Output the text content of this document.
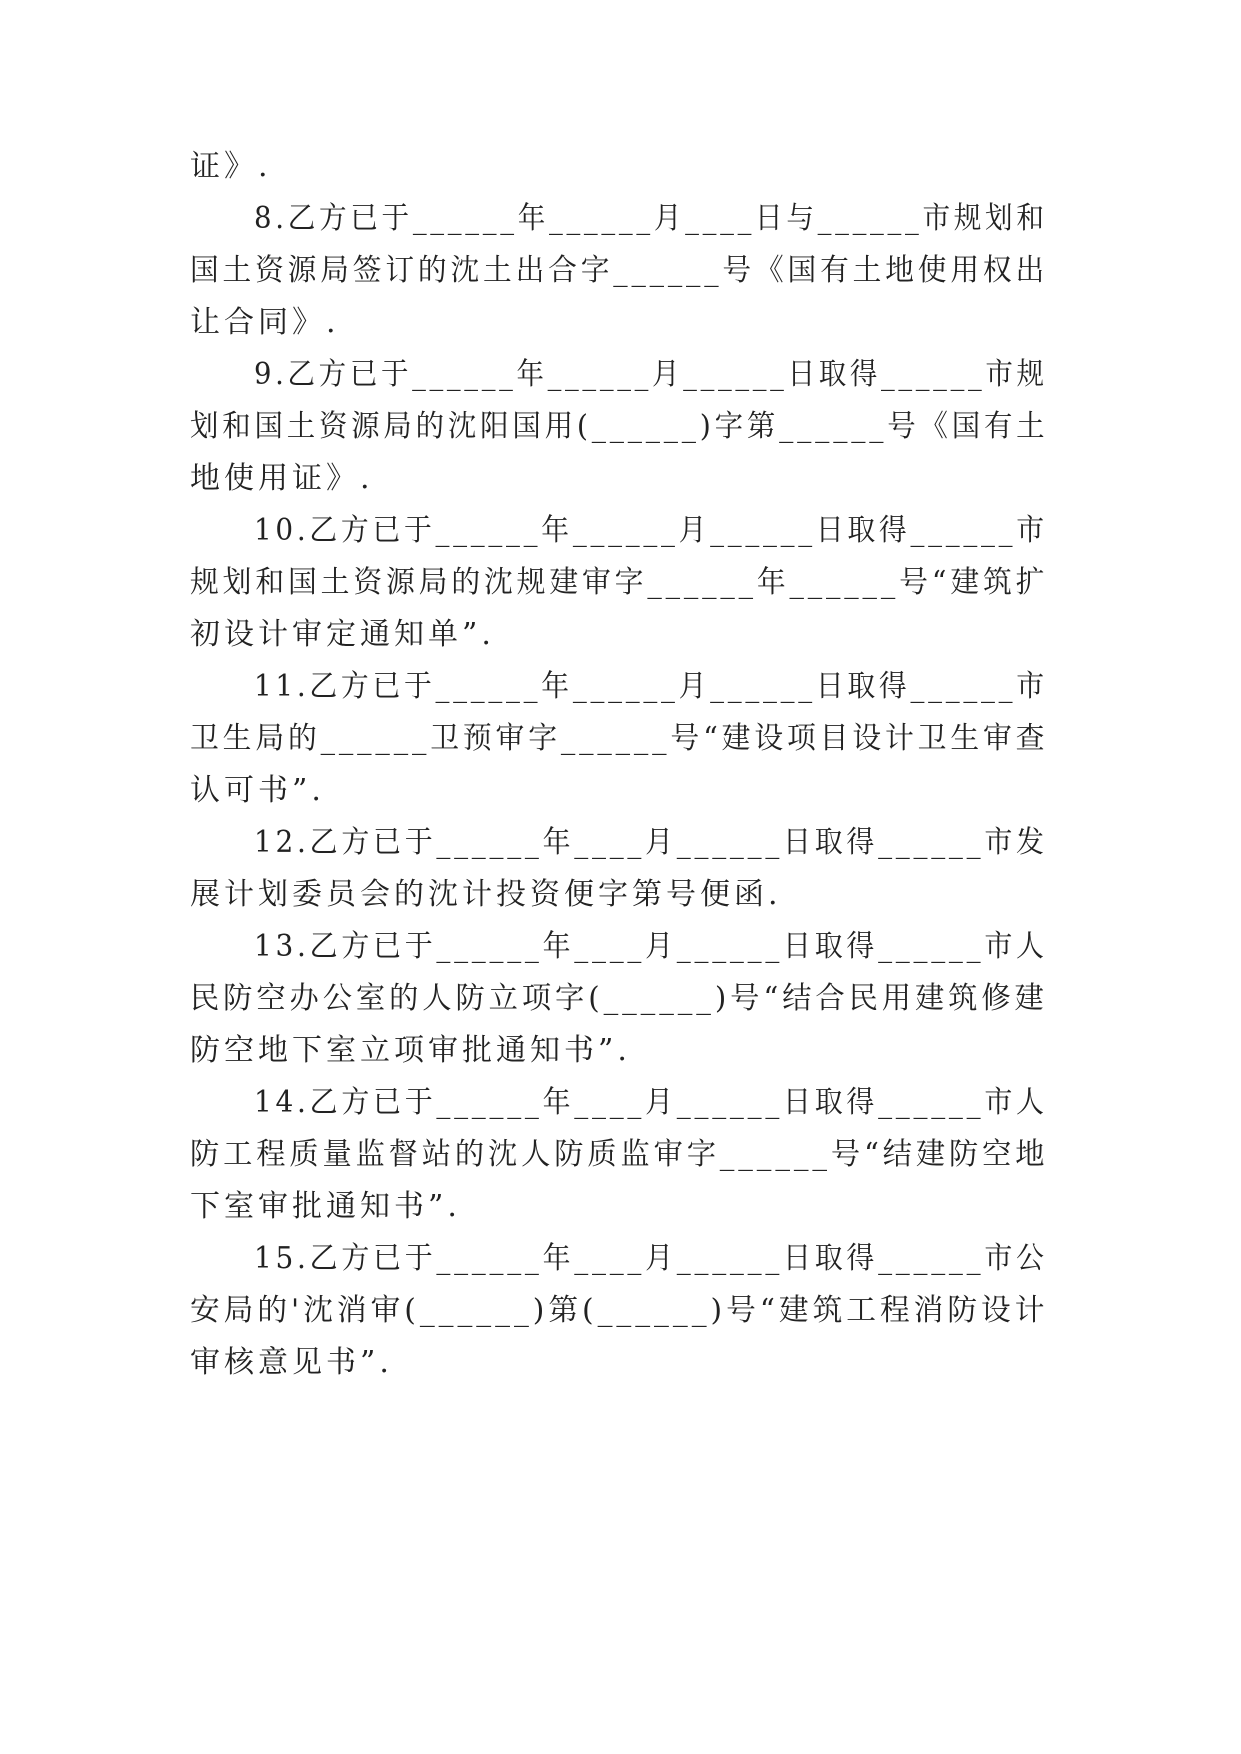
证》.
8.乙方已于______年______月____日与______市规划和
国土资源局签订的沈土出合字______号《国有土地使用权出
让合同》.
9.乙方已于______年______月______日取得______市规
划和国土资源局的沈阳国用(______)字第______号《国有土
地使用证》.
10.乙方已于______年______月______日取得______市
规划和国土资源局的沈规建审字______年______号“建筑扩
初设计审定通知单”.
11.乙方已于______年______月______日取得______市
卫生局的______卫预审字______号“建设项目设计卫生审查
认可书”.
12.乙方已于______年____月______日取得______市发
展计划委员会的沈计投资便字第号便函.
13.乙方已于______年____月______日取得______市人
民防空办公室的人防立项字(______)号“结合民用建筑修建
防空地下室立项审批通知书”.
14.乙方已于______年____月______日取得______市人
防工程质量监督站的沈人防质监审字______号“结建防空地
下室审批通知书”.
15.乙方已于______年____月______日取得______市公
安局的'沈消审(______)第(______)号“建筑工程消防设计
审核意见书”.
